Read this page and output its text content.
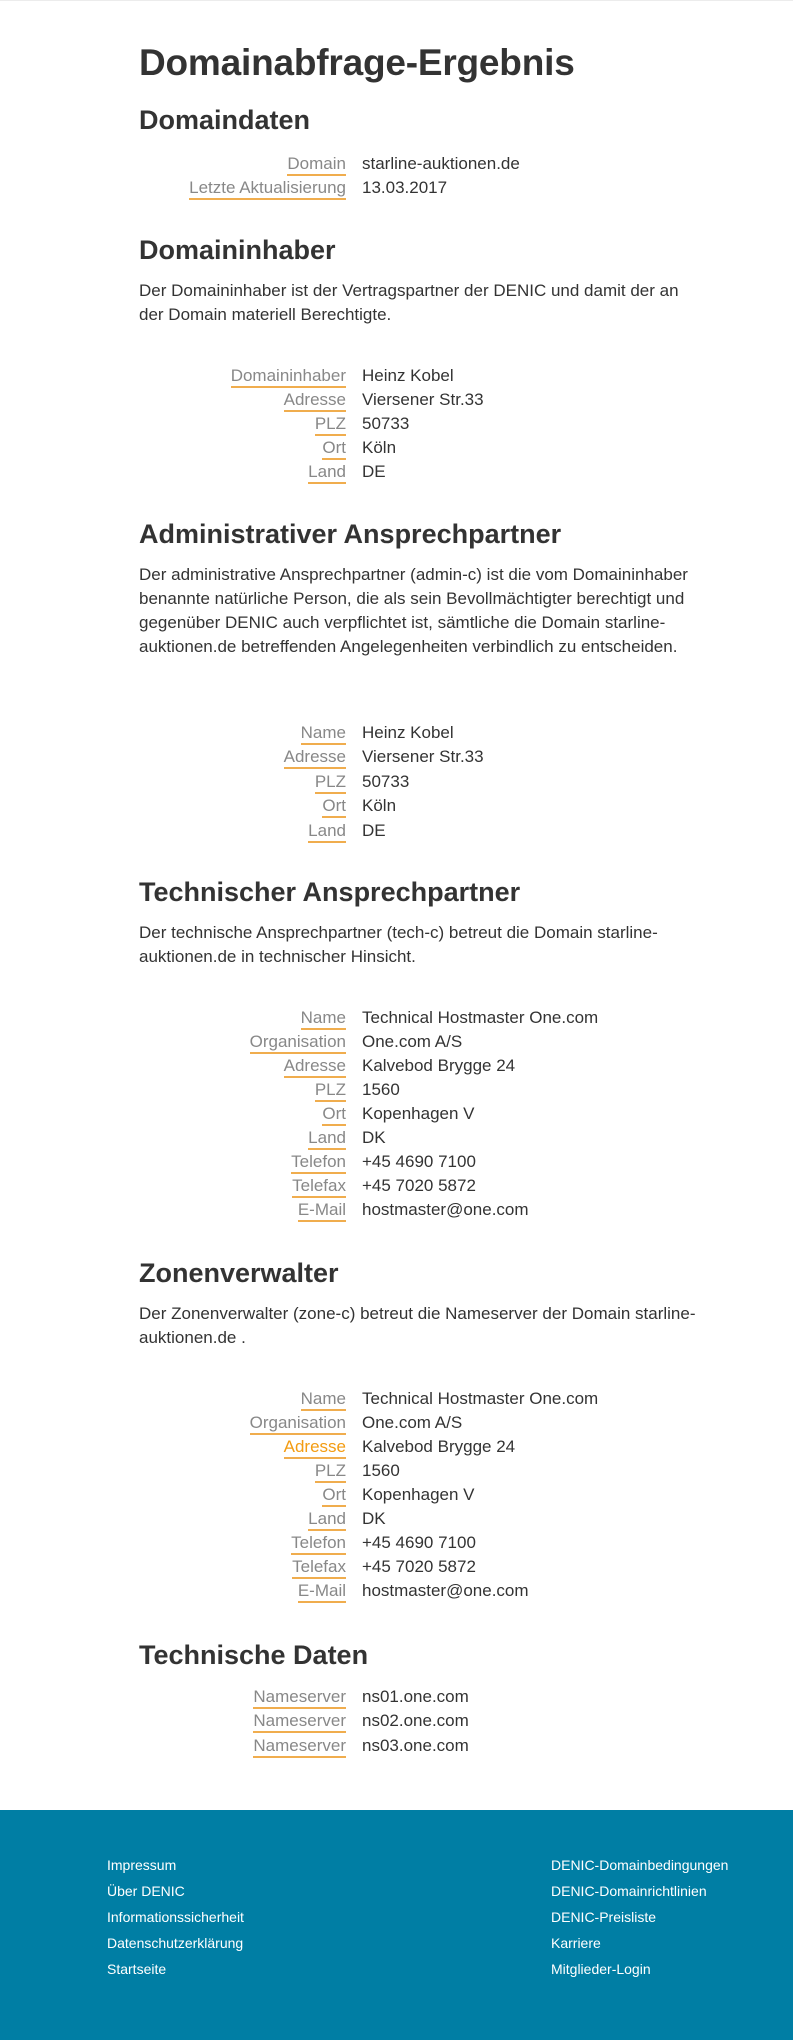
Domainabfrage-Ergebnis
Domaindaten
Domain starline-auktionen.de
Letzte Aktualisierung 13.03.2017
Domaininhaber

Der Domaininhaber ist der Vertragspartner der DENIC und damit der an der Domain materiell Berechtigte.

Domaininhaber Heinz Kobel
Adresse Viersener Str.33
PLZ 50733
Ort Köln
Land DE
Administrativer Ansprechpartner

Der administrative Ansprechpartner (admin-c) ist die vom Domaininhaber benannte natürliche Person, die als sein Bevollmächtigter berechtigt und gegenüber DENIC auch verpflichtet ist, sämtliche die Domain starline-auktionen.de betreffenden Angelegenheiten verbindlich zu entscheiden.

Name Heinz Kobel
Adresse Viersener Str.33
PLZ 50733
Ort Köln
Land DE
Technischer Ansprechpartner

Der technische Ansprechpartner (tech-c) betreut die Domain starline-auktionen.de in technischer Hinsicht.

Name Technical Hostmaster One.com
Organisation One.com A/S
Adresse Kalvebod Brygge 24
PLZ 1560
Ort Kopenhagen V
Land DK
Telefon +45 4690 7100
Telefax +45 7020 5872
E-Mail hostmaster@one.com
Zonenverwalter

Der Zonenverwalter (zone-c) betreut die Nameserver der Domain starline-auktionen.de .

Name Technical Hostmaster One.com
Organisation One.com A/S
Adresse Kalvebod Brygge 24
PLZ 1560
Ort Kopenhagen V
Land DK
Telefon +45 4690 7100
Telefax +45 7020 5872
E-Mail hostmaster@one.com
Technische Daten
Nameserver ns01.one.com
Nameserver ns02.one.com
Nameserver ns03.one.com
Impressum
Über DENIC
Informationssicherheit
Datenschutzerklärung
Startseite
DENIC-Domainbedingungen
DENIC-Domainrichtlinien
DENIC-Preisliste
Karriere
Mitglieder-Login
